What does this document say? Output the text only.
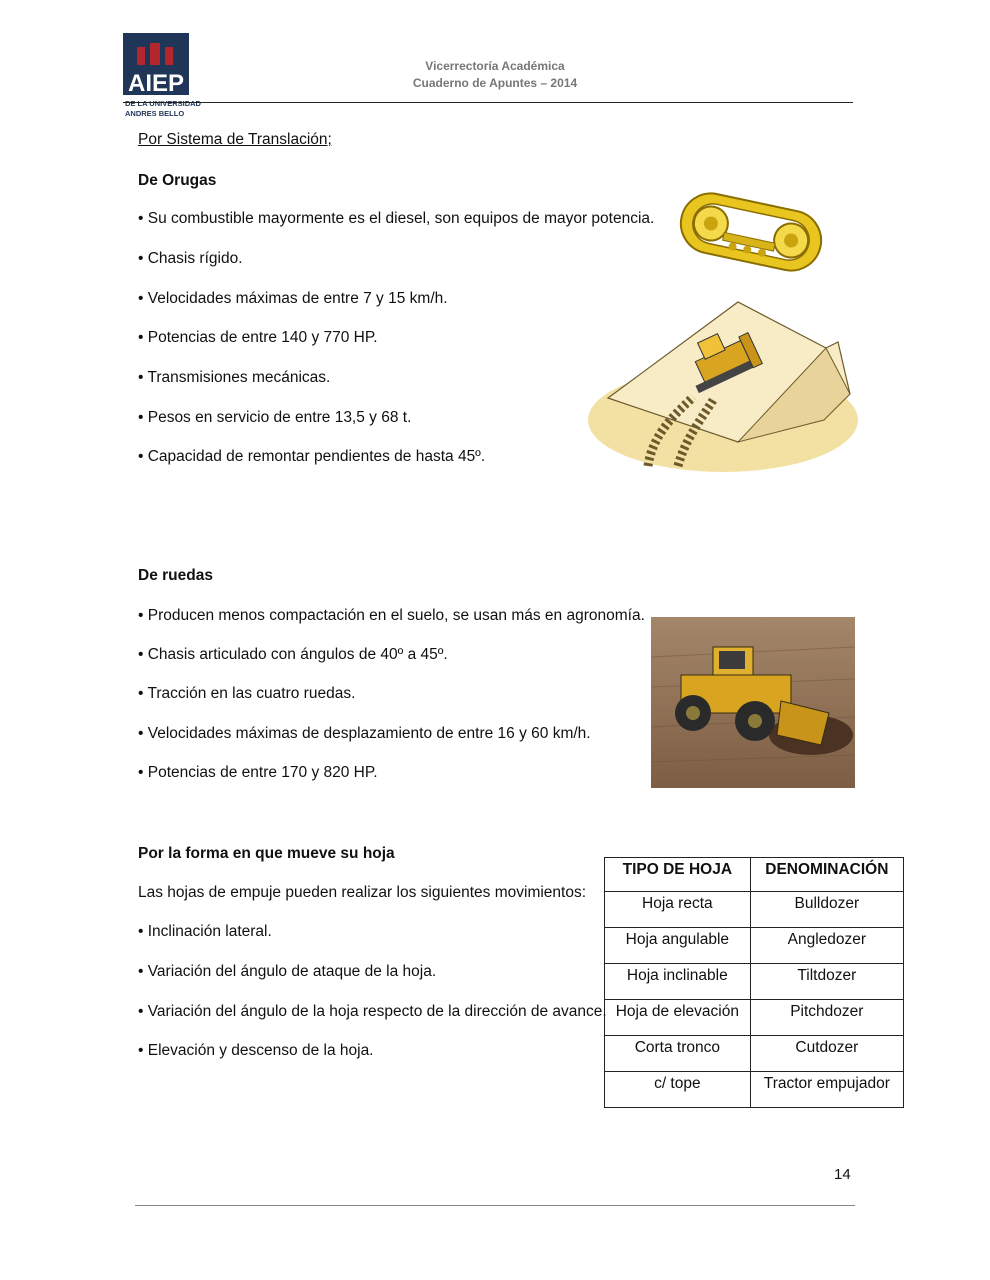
AIEP
DE LA UNIVERSIDAD
ANDRES BELLO
Vicerrectoría Académica
Cuaderno de Apuntes – 2014
Por Sistema de Translación;
De Orugas
• Su combustible mayormente es el diesel, son equipos de mayor potencia.
• Chasis rígido.
• Velocidades máximas de entre 7 y 15 km/h.
• Potencias de entre 140 y 770 HP.
• Transmisiones mecánicas.
• Pesos en servicio de entre 13,5 y 68 t.
• Capacidad de remontar pendientes de hasta 45º.
De ruedas
• Producen menos compactación en el suelo, se usan más en agronomía.
• Chasis articulado con ángulos de 40º a 45º.
• Tracción en las cuatro ruedas.
• Velocidades máximas de desplazamiento de entre 16 y 60 km/h.
• Potencias de entre 170 y 820 HP.
Por la forma en que mueve su hoja
Las hojas de empuje pueden realizar los siguientes movimientos:
• Inclinación lateral.
• Variación del ángulo de ataque de la hoja.
• Variación del ángulo de la hoja respecto de la dirección de avance.
• Elevación y descenso de la hoja.
TIPO DE HOJA	DENOMINACIÓN
Hoja recta	Bulldozer
Hoja angulable	Angledozer
Hoja inclinable	Tiltdozer
Hoja de elevación	Pitchdozer
Corta tronco	Cutdozer
c/ tope	Tractor empujador
14
